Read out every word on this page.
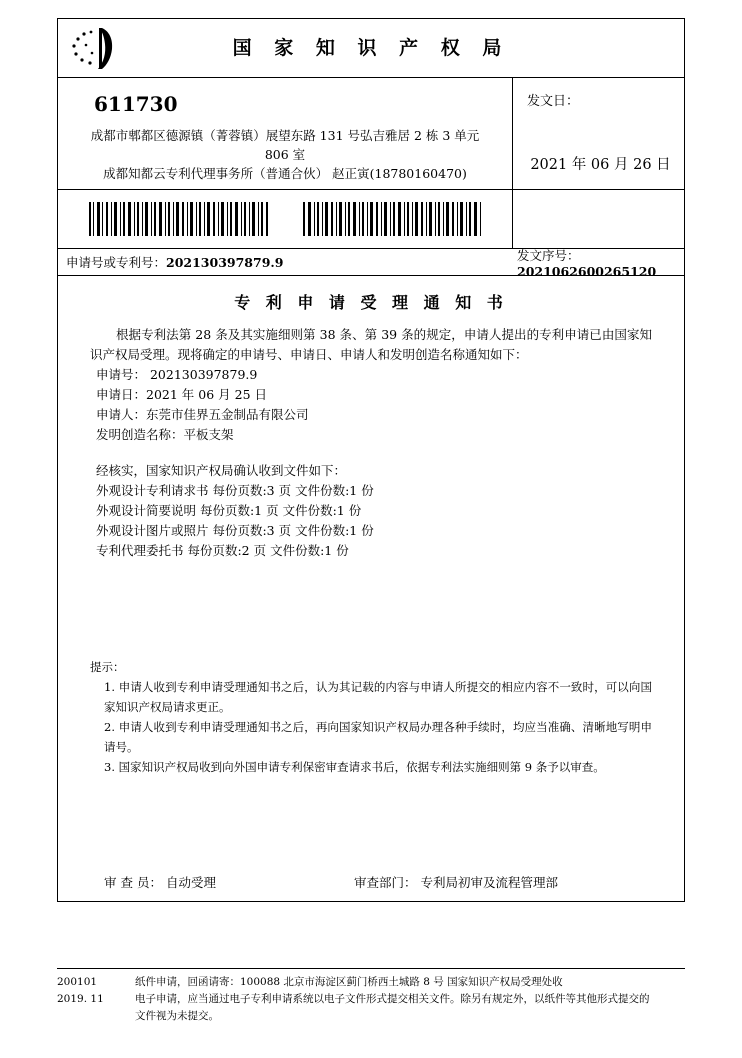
国 家 知 识 产 权 局
611730
成都市郫都区德源镇（菁蓉镇）展望东路 131 号弘吉雅居 2 栋 3 单元
806 室
成都知都云专利代理事务所（普通合伙） 赵正寅(18780160470)
发文日：
2021 年 06 月 26 日
申请号或专利号：202130397879.9	发文序号：2021062600265120
专 利 申 请 受 理 通 知 书
根据专利法第 28 条及其实施细则第 38 条、第 39 条的规定，申请人提出的专利申请已由国家知识产权局受理。现将确定的申请号、申请日、申请人和发明创造名称通知如下：
申请号： 202130397879.9
申请日：2021 年 06 月 25 日
申请人：东莞市佳界五金制品有限公司
发明创造名称：平板支架
经核实，国家知识产权局确认收到文件如下：
外观设计专利请求书 每份页数:3 页 文件份数:1 份
外观设计简要说明 每份页数:1 页 文件份数:1 份
外观设计图片或照片 每份页数:3 页 文件份数:1 份
专利代理委托书 每份页数:2 页 文件份数:1 份
提示：
1. 申请人收到专利申请受理通知书之后，认为其记载的内容与申请人所提交的相应内容不一致时，可以向国家知识产权局请求更正。
2. 申请人收到专利申请受理通知书之后，再向国家知识产权局办理各种手续时，均应当准确、清晰地写明申请号。
3. 国家知识产权局收到向外国申请专利保密审查请求书后，依据专利法实施细则第 9 条予以审查。
审 查 员： 自动受理	审查部门： 专利局初审及流程管理部
200101
2019. 11
纸件申请，回函请寄：100088 北京市海淀区蓟门桥西土城路 8 号 国家知识产权局受理处收
电子申请，应当通过电子专利申请系统以电子文件形式提交相关文件。除另有规定外，以纸件等其他形式提交的
文件视为未提交。
